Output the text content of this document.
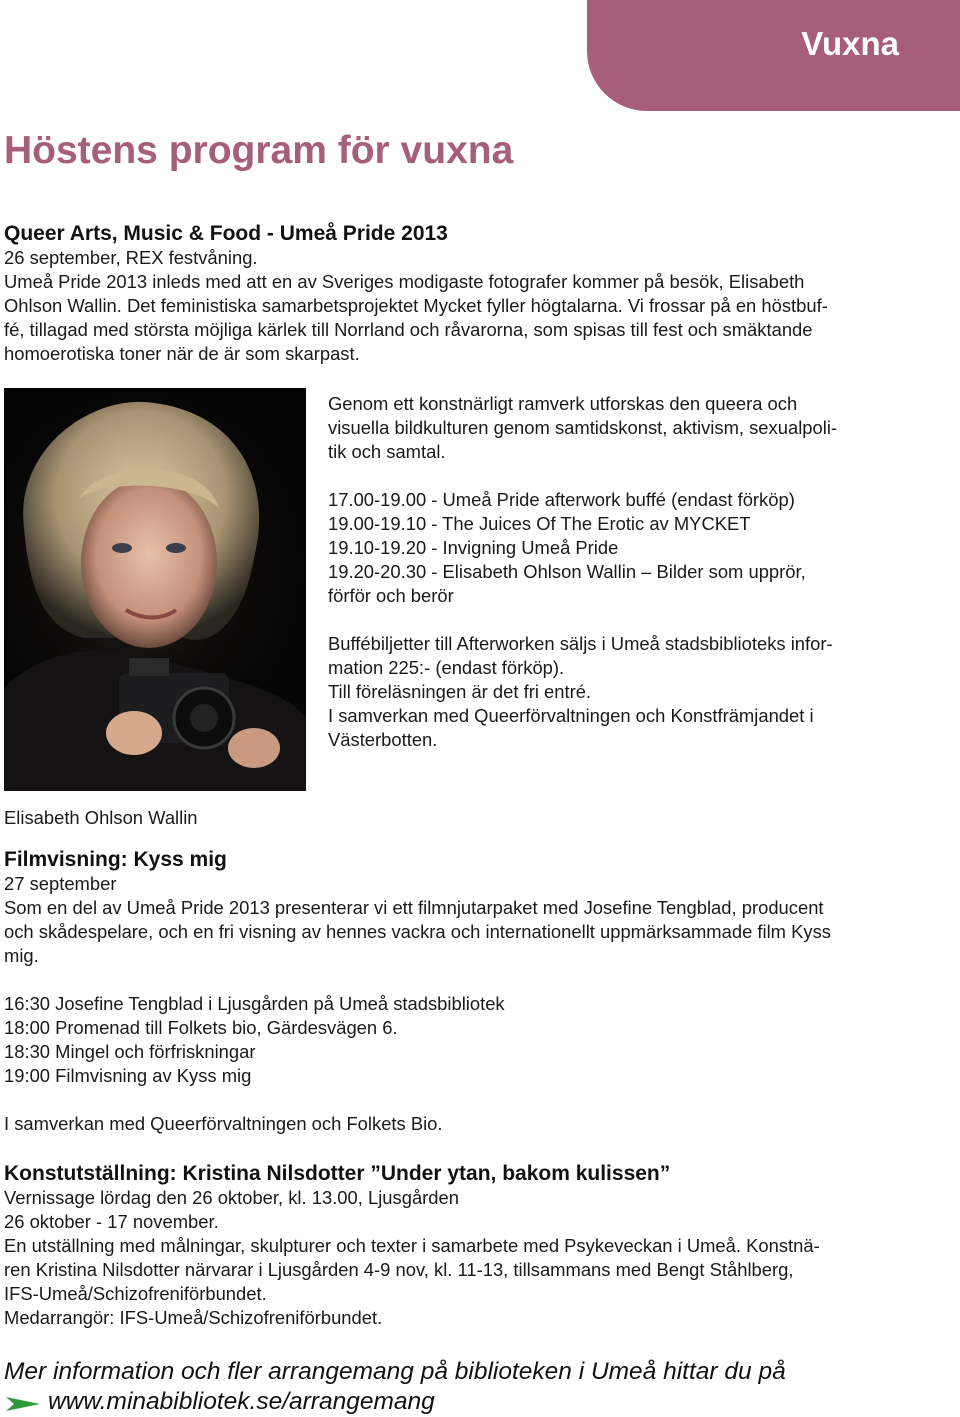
Vuxna
Höstens program för vuxna
Queer Arts, Music & Food - Umeå Pride 2013

26 september, REX festvåning.

Umeå Pride 2013 inleds med att en av Sveriges modigaste fotografer kommer på besök, Elisabeth

Ohlson Wallin. Det feministiska samarbetsprojektet Mycket fyller högtalarna. Vi frossar på en höstbuf-

fé, tillagad med största möjliga kärlek till Norrland och råvarorna, som spisas till fest och smäktande

homoerotiska toner när de är som skarpast.

Genom ett konstnärligt ramverk utforskas den queera och

visuella bildkulturen genom samtidskonst, aktivism, sexualpoli-

tik och samtal.

17.00-19.00 - Umeå Pride afterwork buffé (endast förköp)

19.00-19.10 - The Juices Of The Erotic av MYCKET

19.10-19.20 - Invigning Umeå Pride

19.20-20.30 - Elisabeth Ohlson Wallin – Bilder som upprör,

förför och berör

Buffébiljetter till Afterworken säljs i Umeå stadsbiblioteks infor-

mation 225:- (endast förköp).

Till föreläsningen är det fri entré.

I samverkan med Queerförvaltningen och Konstfrämjandet i

Västerbotten.

Elisabeth Ohlson Wallin

Filmvisning: Kyss mig

27 september

Som en del av Umeå Pride 2013 presenterar vi ett filmnjutarpaket med Josefine Tengblad, producent

och skådespelare, och en fri visning av hennes vackra och internationellt uppmärksammade film Kyss

mig.

16:30 Josefine Tengblad i Ljusgården på Umeå stadsbibliotek

18:00 Promenad till Folkets bio, Gärdesvägen 6.

18:30 Mingel och förfriskningar

19:00 Filmvisning av Kyss mig

I samverkan med Queerförvaltningen och Folkets Bio.

Konstutställning: Kristina Nilsdotter ”Under ytan, bakom kulissen”

Vernissage lördag den 26 oktober, kl. 13.00, Ljusgården

26 oktober - 17 november.

En utställning med målningar, skulpturer och texter i samarbete med Psykeveckan i Umeå. Konstnä-

ren Kristina Nilsdotter närvarar i Ljusgården 4-9 nov, kl. 11-13, tillsammans med Bengt Ståhlberg,

IFS-Umeå/Schizofreniförbundet.

Medarrangör: IFS-Umeå/Schizofreniförbundet.

Mer information och fler arrangemang på biblioteken i Umeå hittar du på

www.minabibliotek.se/arrangemang
